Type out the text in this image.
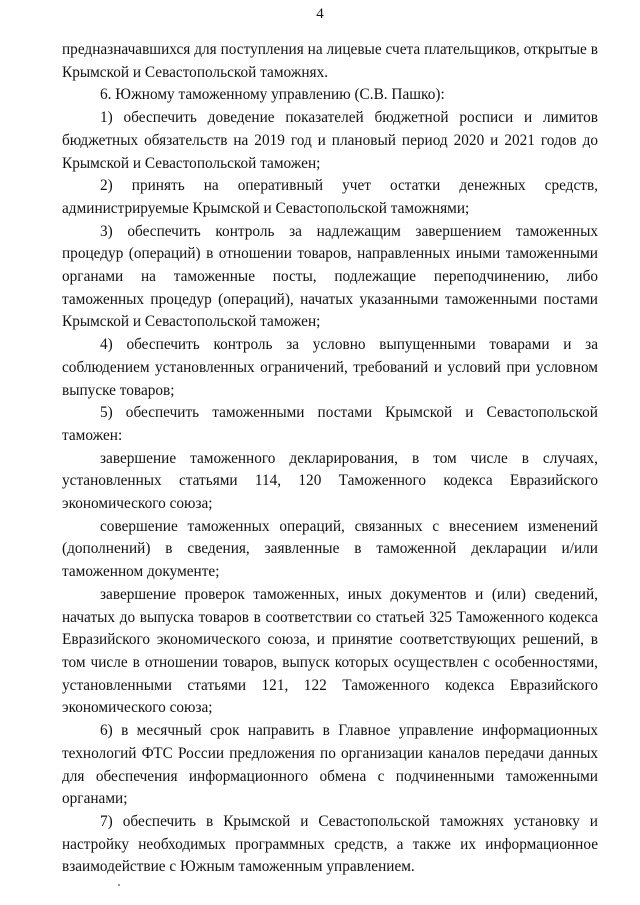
4

предназначавшихся для поступления на лицевые счета плательщиков, открытые в Крымской и Севастопольской таможнях.

6. Южному таможенному управлению (С.В. Пашко):

1) обеспечить доведение показателей бюджетной росписи и лимитов бюджетных обязательств на 2019 год и плановый период 2020 и 2021 годов до Крымской и Севастопольской таможен;

2) принять на оперативный учет остатки денежных средств, администрируемые Крымской и Севастопольской таможнями;

3) обеспечить контроль за надлежащим завершением таможенных процедур (операций) в отношении товаров, направленных иными таможенными органами на таможенные посты, подлежащие переподчинению, либо таможенных процедур (операций), начатых указанными таможенными постами Крымской и Севастопольской таможен;

4) обеспечить контроль за условно выпущенными товарами и за соблюдением установленных ограничений, требований и условий при условном выпуске товаров;

5) обеспечить таможенными постами Крымской и Севастопольской таможен:

завершение таможенного декларирования, в том числе в случаях, установленных статьями 114, 120 Таможенного кодекса Евразийского экономического союза;

совершение таможенных операций, связанных с внесением изменений (дополнений) в сведения, заявленные в таможенной декларации и/или таможенном документе;

завершение проверок таможенных, иных документов и (или) сведений, начатых до выпуска товаров в соответствии со статьей 325 Таможенного кодекса Евразийского экономического союза, и принятие соответствующих решений, в том числе в отношении товаров, выпуск которых осуществлен с особенностями, установленными статьями 121, 122 Таможенного кодекса Евразийского экономического союза;

6) в месячный срок направить в Главное управление информационных технологий ФТС России предложения по организации каналов передачи данных для обеспечения информационного обмена с подчиненными таможенными органами;

7) обеспечить в Крымской и Севастопольской таможнях установку и настройку необходимых программных средств, а также их информационное взаимодействие с Южным таможенным управлением.
